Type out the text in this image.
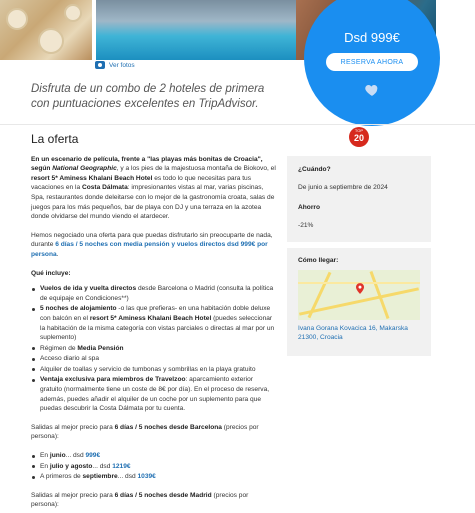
Ver fotos
Dsd 999€
RESERVA AHORA
Disfruta de un combo de 2 hoteles de primera con puntuaciones excelentes en TripAdvisor.
TOP
20
La oferta

En un escenario de película, frente a "las playas más bonitas de Croacia", según National Geographic, y a los pies de la majestuosa montaña de Biokovo, el resort 5* Aminess Khalani Beach Hotel es todo lo que necesitas para tus vacaciones en la Costa Dálmata: impresionantes vistas al mar, varias piscinas, Spa, restaurantes donde deleitarse con lo mejor de la gastronomía croata, salas de juegos para los más pequeños, bar de playa con DJ y una terraza en la azotea donde olvidarse del mundo viendo el atardecer.

Hemos negociado una oferta para que puedas disfrutarlo sin preocuparte de nada, durante 6 días / 5 noches con media pensión y vuelos directos dsd 999€ por persona.

Qué incluye:
Vuelos de ida y vuelta directos desde Barcelona o Madrid (consulta la política de equipaje en Condiciones**)
5 noches de alojamiento -o las que prefieras- en una habitación doble deluxe con balcón en el resort 5* Aminess Khalani Beach Hotel (puedes seleccionar la habitación de la misma categoría con vistas parciales o directas al mar por un suplemento)
Régimen de Media Pensión
Acceso diario al spa
Alquiler de toallas y servicio de tumbonas y sombrillas en la playa gratuito
Ventaja exclusiva para miembros de Travelzoo: aparcamiento exterior gratuito (normalmente tiene un coste de 8€ por día). En el proceso de reserva, además, puedes añadir el alquiler de un coche por un suplemento para que puedas descubrir la Costa Dálmata por tu cuenta.

Salidas al mejor precio para 6 días / 5 noches desde Barcelona (precios por persona):

En junio... dsd 999€
En julio y agosto... dsd 1219€
A primeros de septiembre... dsd 1039€

Salidas al mejor precio para 6 días / 5 noches desde Madrid (precios por persona):

¿Cuándo?
De junio a septiembre de 2024
Ahorro
-21%
Cómo llegar:
Ivana Gorana Kovacica 16, Makarska 21300, Croacia
